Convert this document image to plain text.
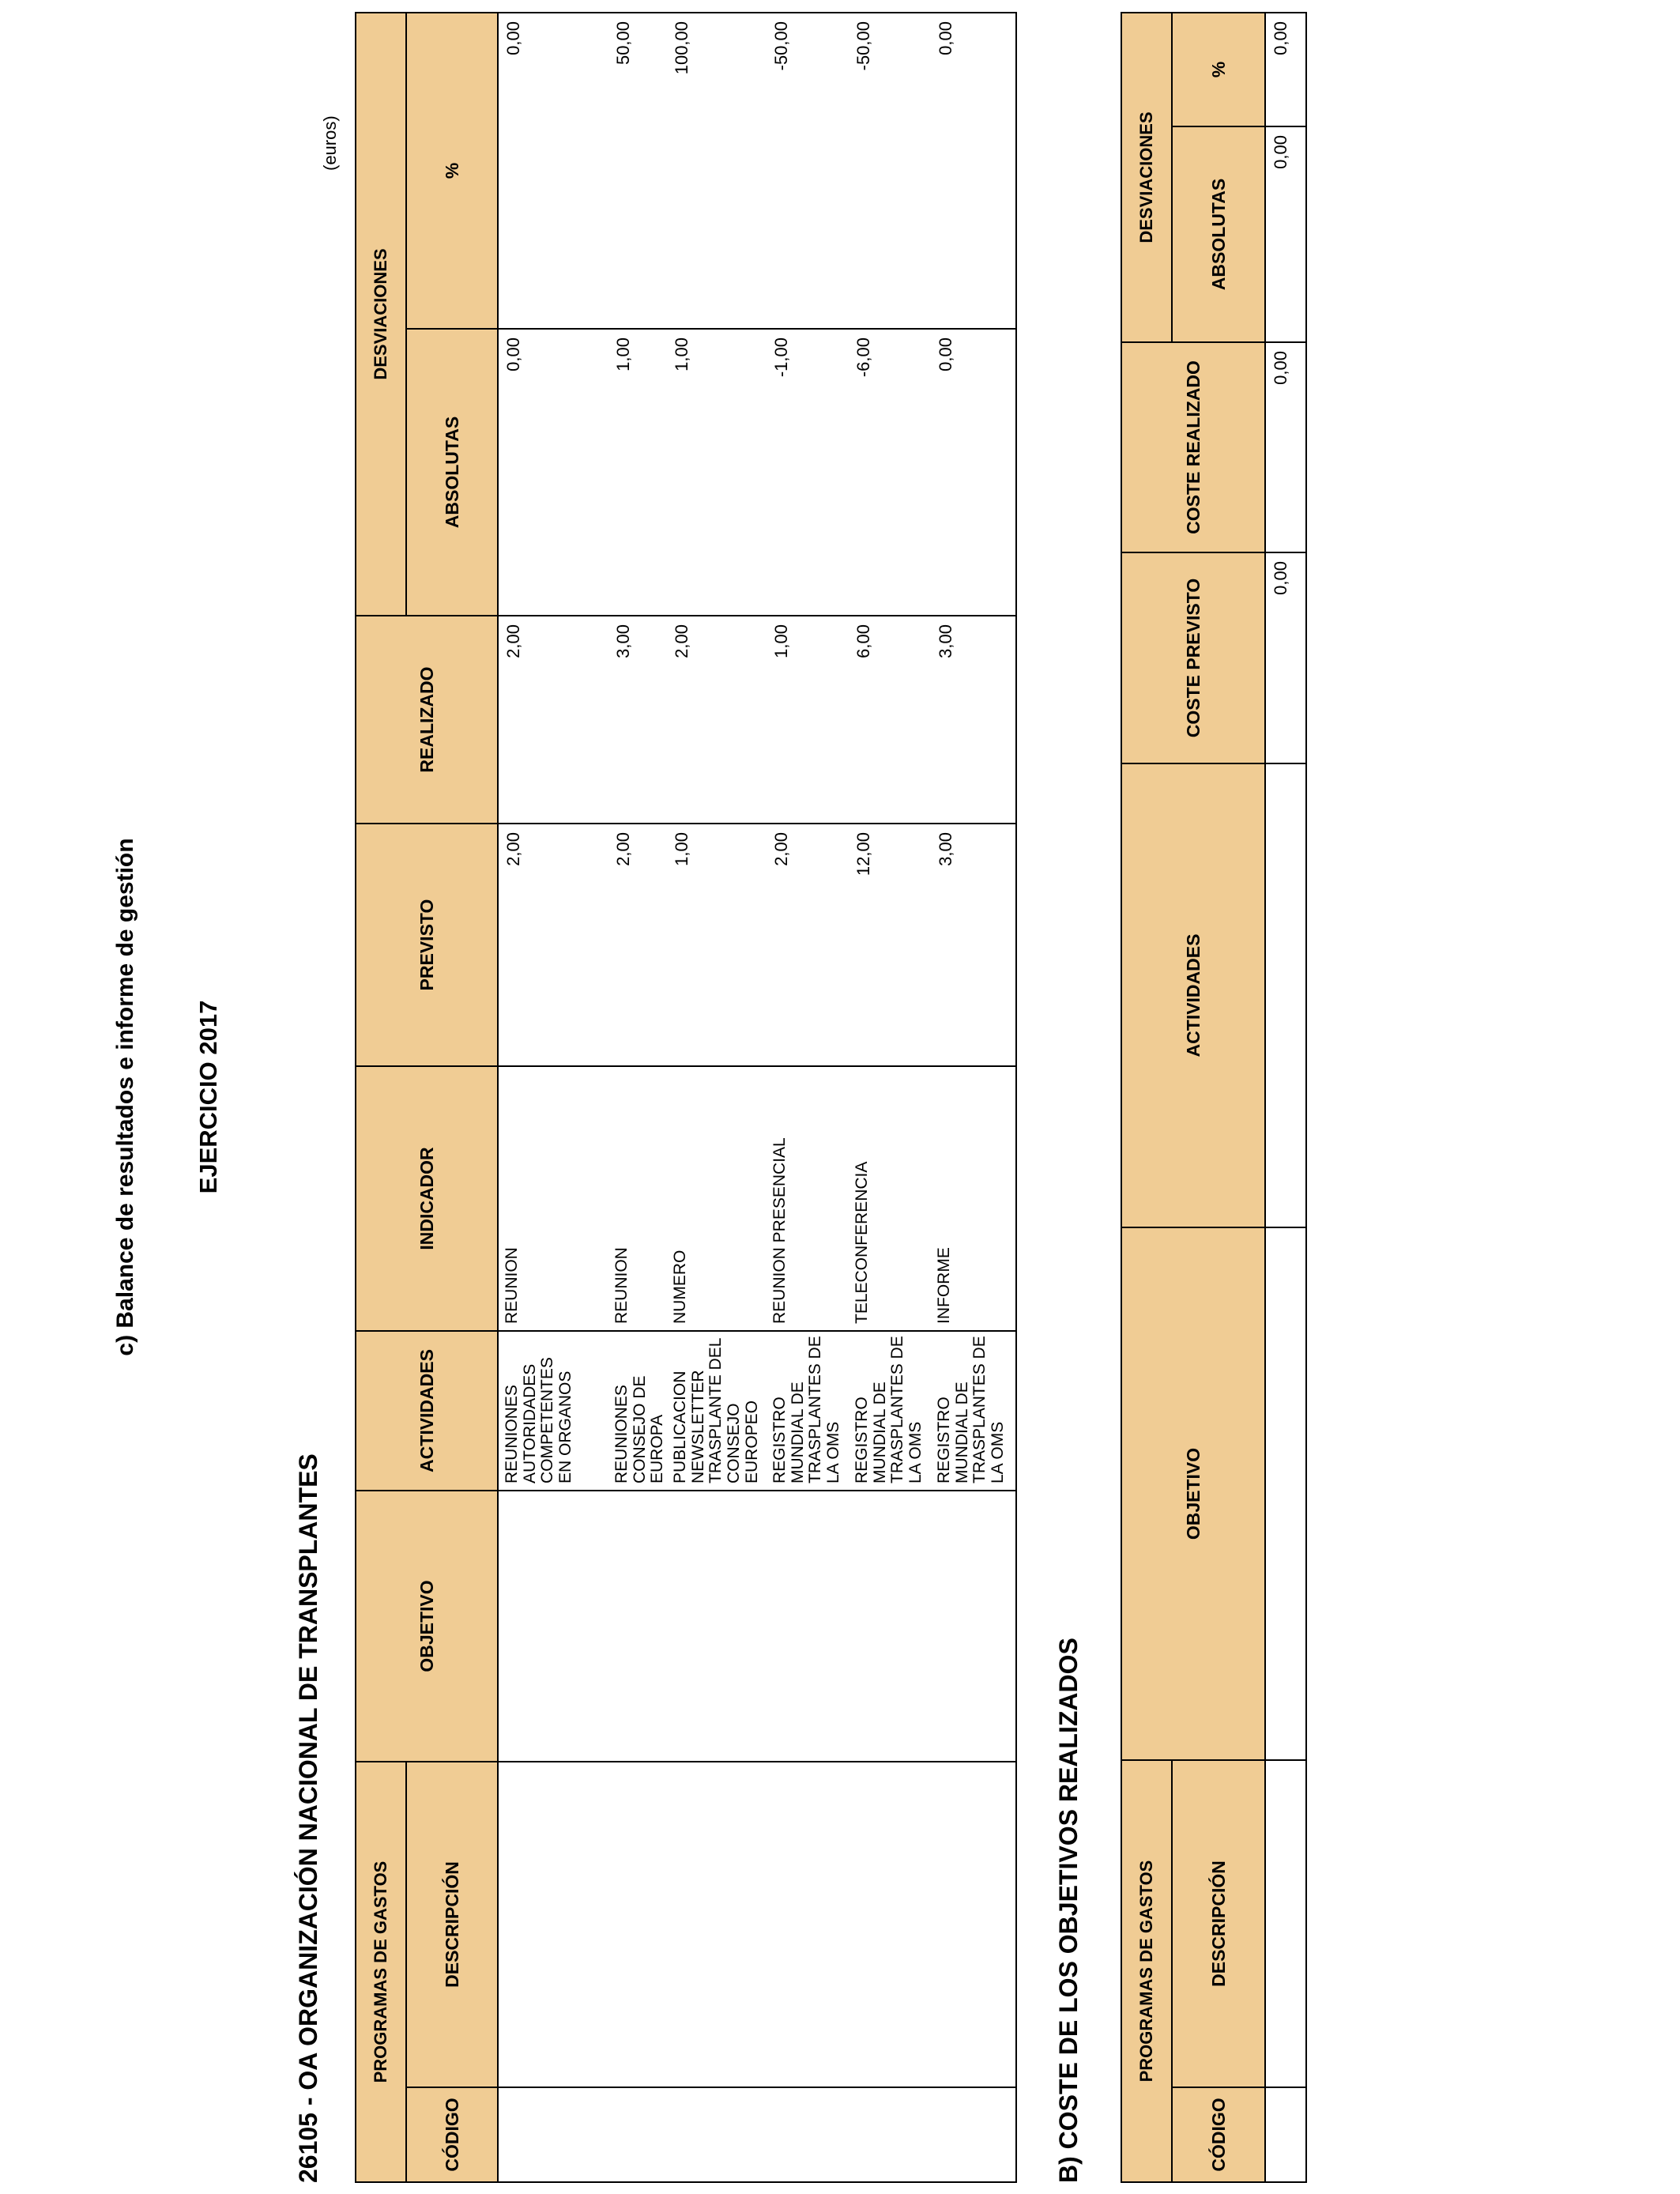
c) Balance de resultados e informe de gestión EJERCICIO 2017
26105 - OA ORGANIZACIÓN NACIONAL DE TRANSPLANTES
(euros)
PROGRAMAS DE GASTOS		OBJETIVO	ACTIVIDADES	INDICADOR	PREVISTO	REALIZADO	DESVIACIONES	
CÓDIGO	DESCRIPCIÓN						ABSOLUTAS	%
			REUNIONES AUTORIDADES COMPETENTES EN ORGANOS	REUNION	2,00	2,00	0,00	0,00
			REUNIONES CONSEJO DE EUROPA	REUNION	2,00	3,00	1,00	50,00
			PUBLICACION NEWSLETTER TRASPLANTE DEL CONSEJO EUROPEO	NUMERO	1,00	2,00	1,00	100,00
			REGISTRO MUNDIAL DE TRASPLANTES DE LA OMS	REUNION PRESENCIAL	2,00	1,00	-1,00	-50,00
			REGISTRO MUNDIAL DE TRASPLANTES DE LA OMS	TELECONFERENCIA	12,00	6,00	-6,00	-50,00
			REGISTRO MUNDIAL DE TRASPLANTES DE LA OMS	INFORME	3,00	3,00	0,00	0,00
B) COSTE DE LOS OBJETIVOS REALIZADOS	PROGRAMAS DE GASTOS		OBJETIVO	ACTIVIDADES	COSTE PREVISTO	COSTE REALIZADO	DESVIACIONES	
CÓDIGO	DESCRIPCIÓN					ABSOLUTAS	%
				0,00	0,00	0,00	0,00
